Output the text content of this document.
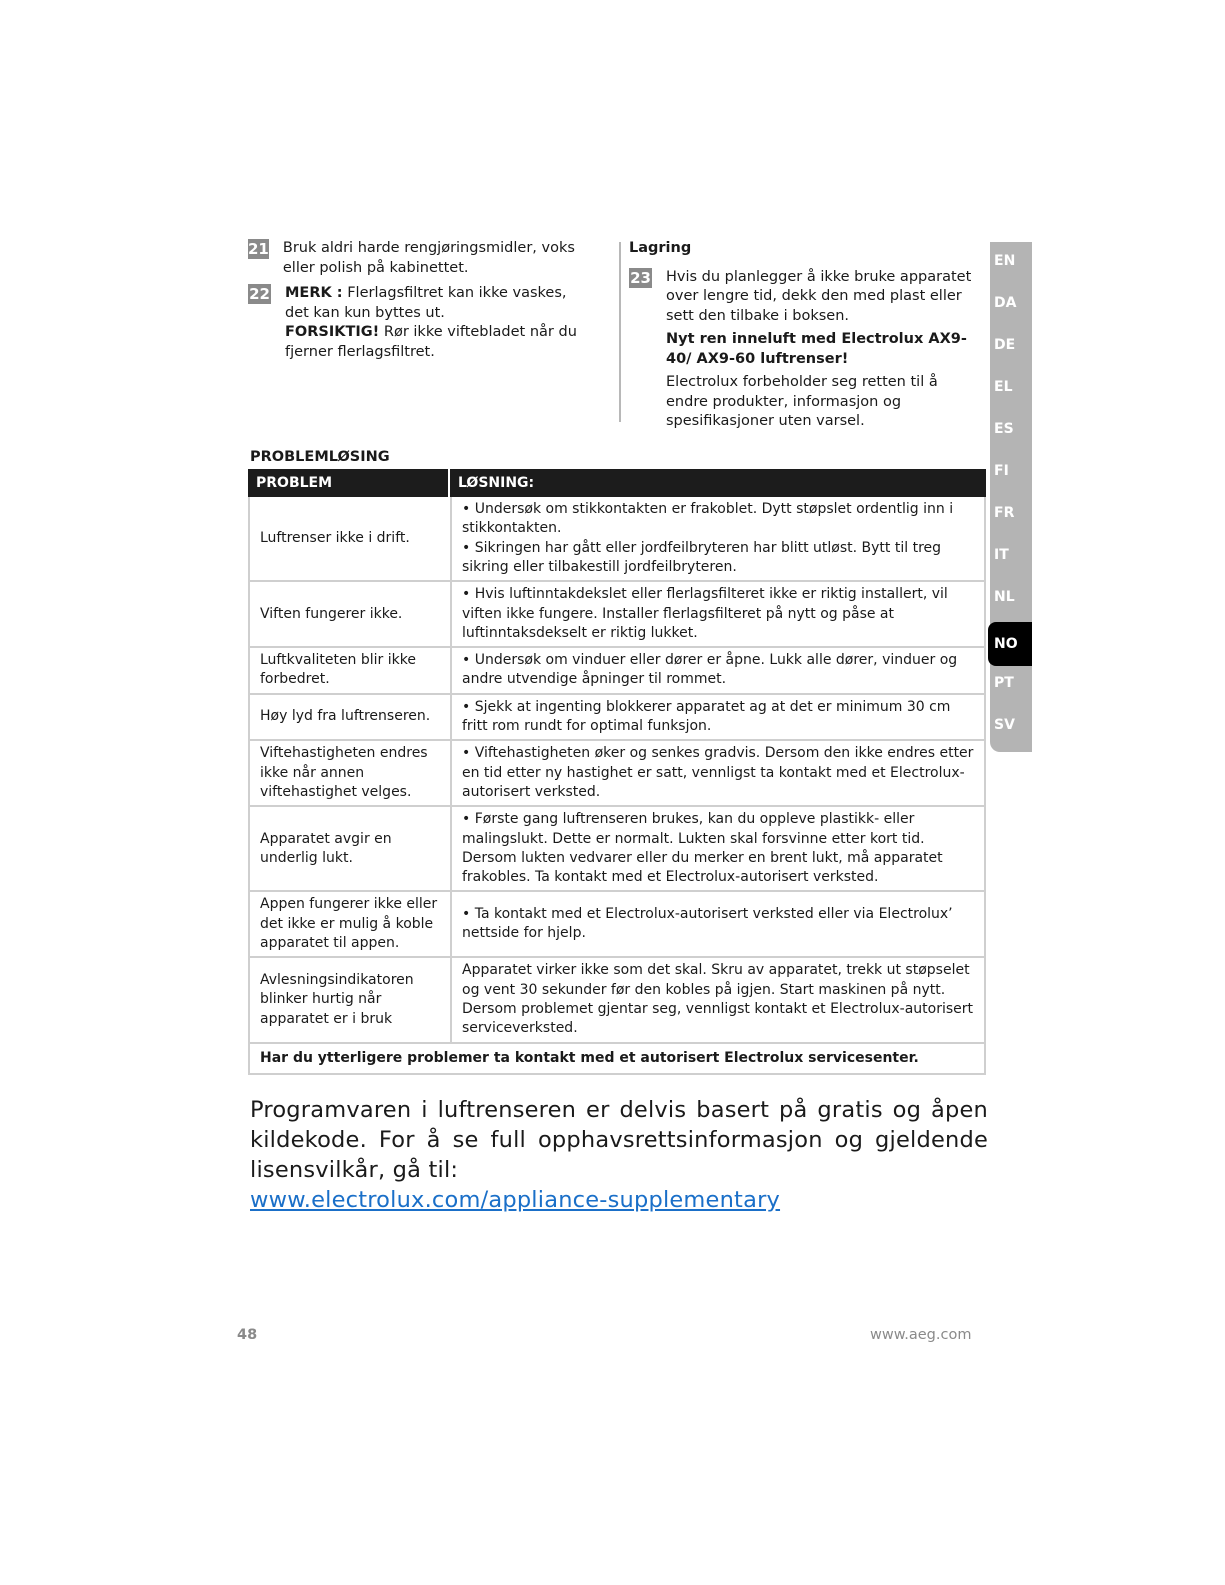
21 Bruk aldri harde rengjøringsmidler, voks eller polish på kabinettet.
22 MERK : Flerlagsfiltret kan ikke vaskes, det kan kun byttes ut.
FORSIKTIG! Rør ikke viftebladet når du fjerner flerlagsfiltret.
Lagring
23 Hvis du planlegger å ikke bruke apparatet over lengre tid, dekk den med plast eller sett den tilbake i boksen.
Nyt ren inneluft med Electrolux AX9-40/ AX9-60 luftrenser!
Electrolux forbeholder seg retten til å endre produkter, informasjon og spesifikasjoner uten varsel.
EN
DA
DE
EL
ES
FI
FR
IT
NL
NO
PT
SV
PROBLEMLØSING
PROBLEM	LØSNING:
Luftrenser ikke i drift.	• Undersøk om stikkontakten er frakoblet. Dytt støpslet ordentlig inn i stikkontakten.
• Sikringen har gått eller jordfeilbryteren har blitt utløst. Bytt til treg sikring eller tilbakestill jordfeilbryteren.

Viften fungerer ikke.	• Hvis luftinntakdekslet eller flerlagsfilteret ikke er riktig installert, vil viften ikke fungere. Installer flerlagsfilteret på nytt og påse at luftinntaksdekselt er riktig lukket.
Luftkvaliteten blir ikke forbedret.	• Undersøk om vinduer eller dører er åpne. Lukk alle dører, vinduer og andre utvendige åpninger til rommet.
Høy lyd fra luftrenseren.	• Sjekk at ingenting blokkerer apparatet ag at det er minimum 30 cm fritt rom rundt for optimal funksjon.
Viftehastigheten endres ikke når annen viftehastighet velges.	• Viftehastigheten øker og senkes gradvis. Dersom den ikke endres etter en tid etter ny hastighet er satt, vennligst ta kontakt med et Electrolux-autorisert verksted.
Apparatet avgir en underlig lukt.	• Første gang luftrenseren brukes, kan du oppleve plastikk- eller malingslukt. Dette er normalt. Lukten skal forsvinne etter kort tid. Dersom lukten vedvarer eller du merker en brent lukt, må apparatet frakobles. Ta kontakt med et Electrolux-autorisert verksted.
Appen fungerer ikke eller det ikke er mulig å koble apparatet til appen.	• Ta kontakt med et Electrolux-autorisert verksted eller via Electrolux’ nettside for hjelp.
Avlesningsindikatoren blinker hurtig når apparatet er i bruk	Apparatet virker ikke som det skal. Skru av apparatet, trekk ut støpselet og vent 30 sekunder før den kobles på igjen. Start maskinen på nytt. Dersom problemet gjentar seg, vennligst kontakt et Electrolux-autorisert serviceverksted.
Har du ytterligere problemer ta kontakt med et autorisert Electrolux servicesenter.	
Programvaren i luftrenseren er delvis basert på gratis og åpen kildekode. For å se full opphavsrettsinformasjon og gjeldende lisensvilkår, gå til:
www.electrolux.com/appliance-supplementary
48	www.aeg.com
